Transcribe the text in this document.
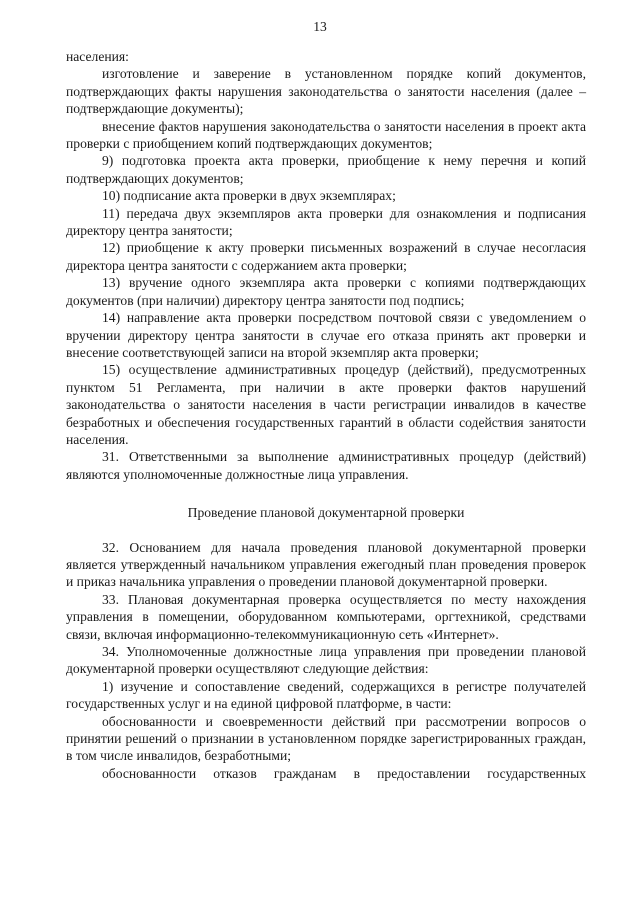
13

населения:

изготовление и заверение в установленном порядке копий документов, подтверждающих факты нарушения законодательства о занятости населения (далее – подтверждающие документы);

внесение фактов нарушения законодательства о занятости населения в проект акта проверки с приобщением копий подтверждающих документов;

9) подготовка проекта акта проверки, приобщение к нему перечня и копий подтверждающих документов;

10) подписание акта проверки в двух экземплярах;

11) передача двух экземпляров акта проверки для ознакомления и подписания директору центра занятости;

12) приобщение к акту проверки письменных возражений в случае несогласия директора центра занятости с содержанием акта проверки;

13) вручение одного экземпляра акта проверки с копиями подтверждающих документов (при наличии) директору центра занятости под подпись;

14) направление акта проверки посредством почтовой связи с уведомлением о вручении директору центра занятости в случае его отказа принять акт проверки и внесение соответствующей записи на второй экземпляр акта проверки;

15) осуществление административных процедур (действий), предусмотренных пунктом 51 Регламента, при наличии в акте проверки фактов нарушений законодательства о занятости населения в части регистрации инвалидов в качестве безработных и обеспечения государственных гарантий в области содействия занятости населения.

31. Ответственными за выполнение административных процедур (действий) являются уполномоченные должностные лица управления.

Проведение плановой документарной проверки

32. Основанием для начала проведения плановой документарной проверки является утвержденный начальником управления ежегодный план проведения проверок и приказ начальника управления о проведении плановой документарной проверки.

33. Плановая документарная проверка осуществляется по месту нахождения управления в помещении, оборудованном компьютерами, оргтехникой, средствами связи, включая информационно-телекоммуникационную сеть «Интернет».

34. Уполномоченные должностные лица управления при проведении плановой документарной проверки осуществляют следующие действия:

1) изучение и сопоставление сведений, содержащихся в регистре получателей государственных услуг и на единой цифровой платформе, в части:

обоснованности и своевременности действий при рассмотрении вопросов о принятии решений о признании в установленном порядке зарегистрированных граждан, в том числе инвалидов, безработными;

обоснованности отказов гражданам в предоставлении государственных
